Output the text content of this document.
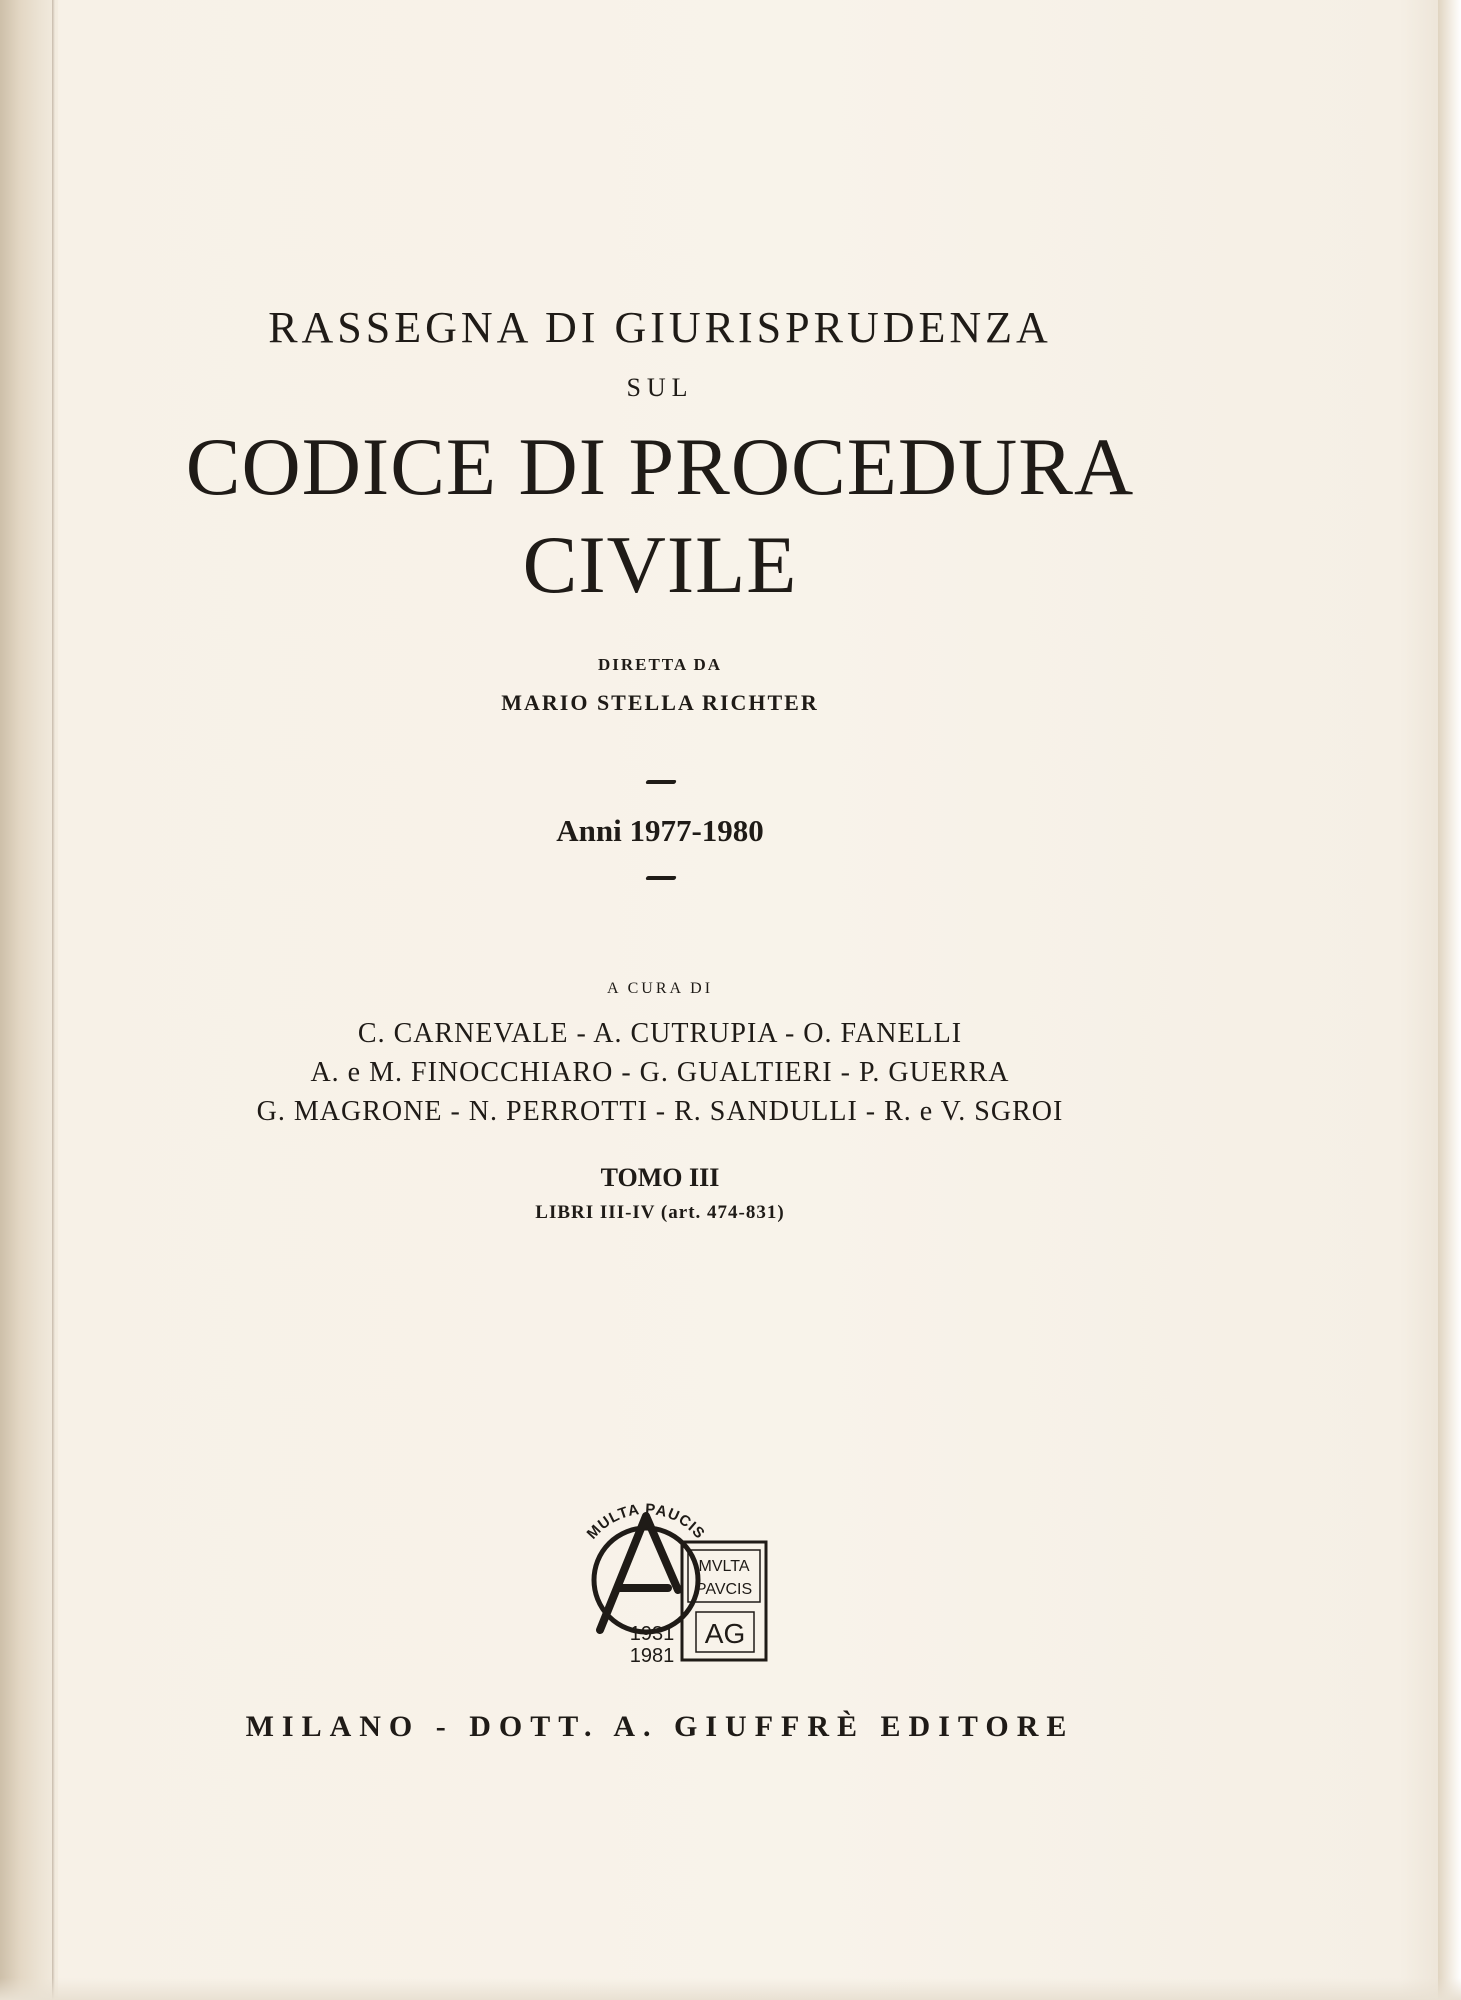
RASSEGNA DI GIURISPRUDENZA
SUL
CODICE DI PROCEDURA
CIVILE
DIRETTA DA
MARIO STELLA RICHTER
Anni 1977-1980
A CURA DI
C. CARNEVALE - A. CUTRUPIA - O. FANELLI
A. e M. FINOCCHIARO - G. GUALTIERI - P. GUERRA
G. MAGRONE - N. PERROTTI - R. SANDULLI - R. e V. SGROI
TOMO III
LIBRI III-IV (art. 474-831)
MULTA PAUCIS
MVLTA
PAVCIS
AG
1931
1981
MILANO - DOTT. A. GIUFFRÈ EDITORE
